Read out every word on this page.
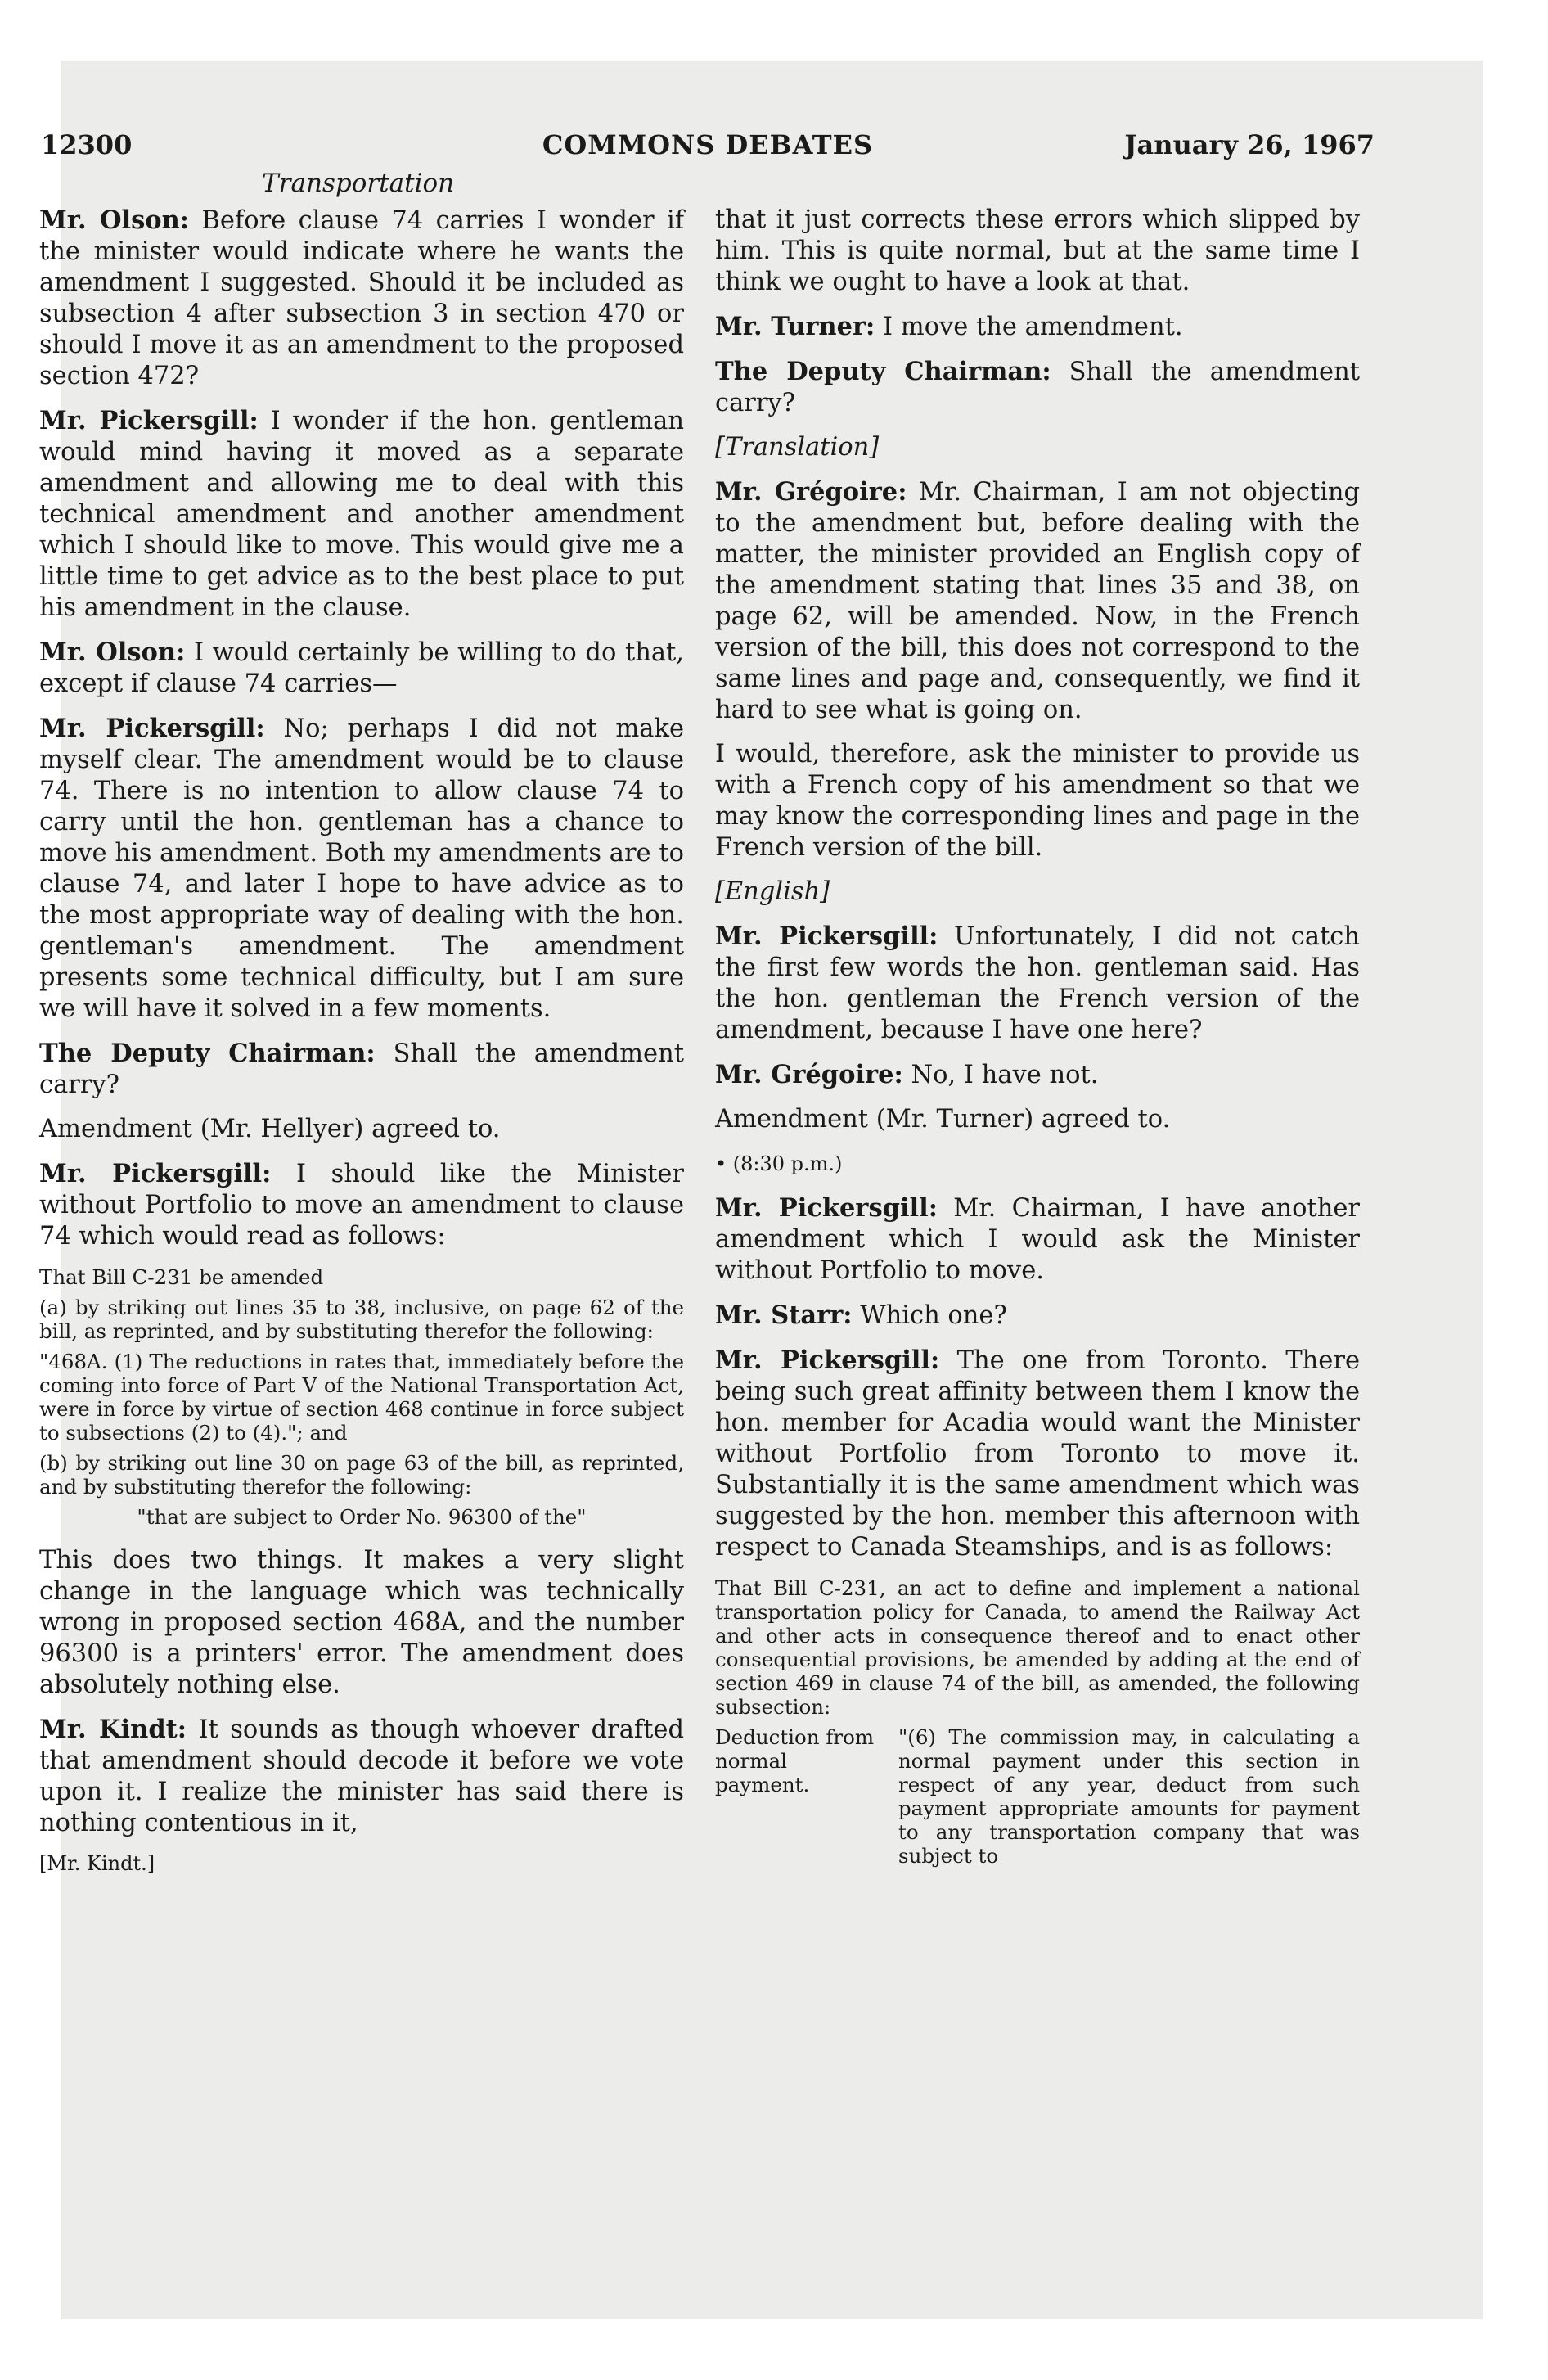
12300	COMMONS DEBATES	January 26, 1967
Transportation

Mr. Olson: Before clause 74 carries I wonder if the minister would indicate where he wants the amendment I suggested. Should it be included as subsection 4 after subsection 3 in section 470 or should I move it as an amendment to the proposed section 472?

Mr. Pickersgill: I wonder if the hon. gentleman would mind having it moved as a separate amendment and allowing me to deal with this technical amendment and another amendment which I should like to move. This would give me a little time to get advice as to the best place to put his amendment in the clause.

Mr. Olson: I would certainly be willing to do that, except if clause 74 carries—

Mr. Pickersgill: No; perhaps I did not make myself clear. The amendment would be to clause 74. There is no intention to allow clause 74 to carry until the hon. gentleman has a chance to move his amendment. Both my amendments are to clause 74, and later I hope to have advice as to the most appropriate way of dealing with the hon. gentleman's amendment. The amendment presents some technical difficulty, but I am sure we will have it solved in a few moments.

The Deputy Chairman: Shall the amendment carry?

Amendment (Mr. Hellyer) agreed to.

Mr. Pickersgill: I should like the Minister without Portfolio to move an amendment to clause 74 which would read as follows:

That Bill C-231 be amended

(a) by striking out lines 35 to 38, inclusive, on page 62 of the bill, as reprinted, and by substituting therefor the following:

"468A. (1) The reductions in rates that, immediately before the coming into force of Part V of the National Transportation Act, were in force by virtue of section 468 continue in force subject to subsections (2) to (4)."; and

(b) by striking out line 30 on page 63 of the bill, as reprinted, and by substituting therefor the following:

"that are subject to Order No. 96300 of the"

This does two things. It makes a very slight change in the language which was technically wrong in proposed section 468A, and the number 96300 is a printers' error. The amendment does absolutely nothing else.

Mr. Kindt: It sounds as though whoever drafted that amendment should decode it before we vote upon it. I realize the minister has said there is nothing contentious in it,

[Mr. Kindt.]

that it just corrects these errors which slipped by him. This is quite normal, but at the same time I think we ought to have a look at that.

Mr. Turner: I move the amendment.

The Deputy Chairman: Shall the amendment carry?

[Translation]

Mr. Grégoire: Mr. Chairman, I am not objecting to the amendment but, before dealing with the matter, the minister provided an English copy of the amendment stating that lines 35 and 38, on page 62, will be amended. Now, in the French version of the bill, this does not correspond to the same lines and page and, consequently, we find it hard to see what is going on.

I would, therefore, ask the minister to provide us with a French copy of his amendment so that we may know the corresponding lines and page in the French version of the bill.

[English]

Mr. Pickersgill: Unfortunately, I did not catch the first few words the hon. gentleman said. Has the hon. gentleman the French version of the amendment, because I have one here?

Mr. Grégoire: No, I have not.

Amendment (Mr. Turner) agreed to.

• (8:30 p.m.)

Mr. Pickersgill: Mr. Chairman, I have another amendment which I would ask the Minister without Portfolio to move.

Mr. Starr: Which one?

Mr. Pickersgill: The one from Toronto. There being such great affinity between them I know the hon. member for Acadia would want the Minister without Portfolio from Toronto to move it. Substantially it is the same amendment which was suggested by the hon. member this afternoon with respect to Canada Steamships, and is as follows:

That Bill C-231, an act to define and implement a national transportation policy for Canada, to amend the Railway Act and other acts in consequence thereof and to enact other consequential provisions, be amended by adding at the end of section 469 in clause 74 of the bill, as amended, the following subsection:

Deduction from normal payment.
"(6) The commission may, in calculating a normal payment under this section in respect of any year, deduct from such payment appropriate amounts for payment to any transportation company that was subject to
